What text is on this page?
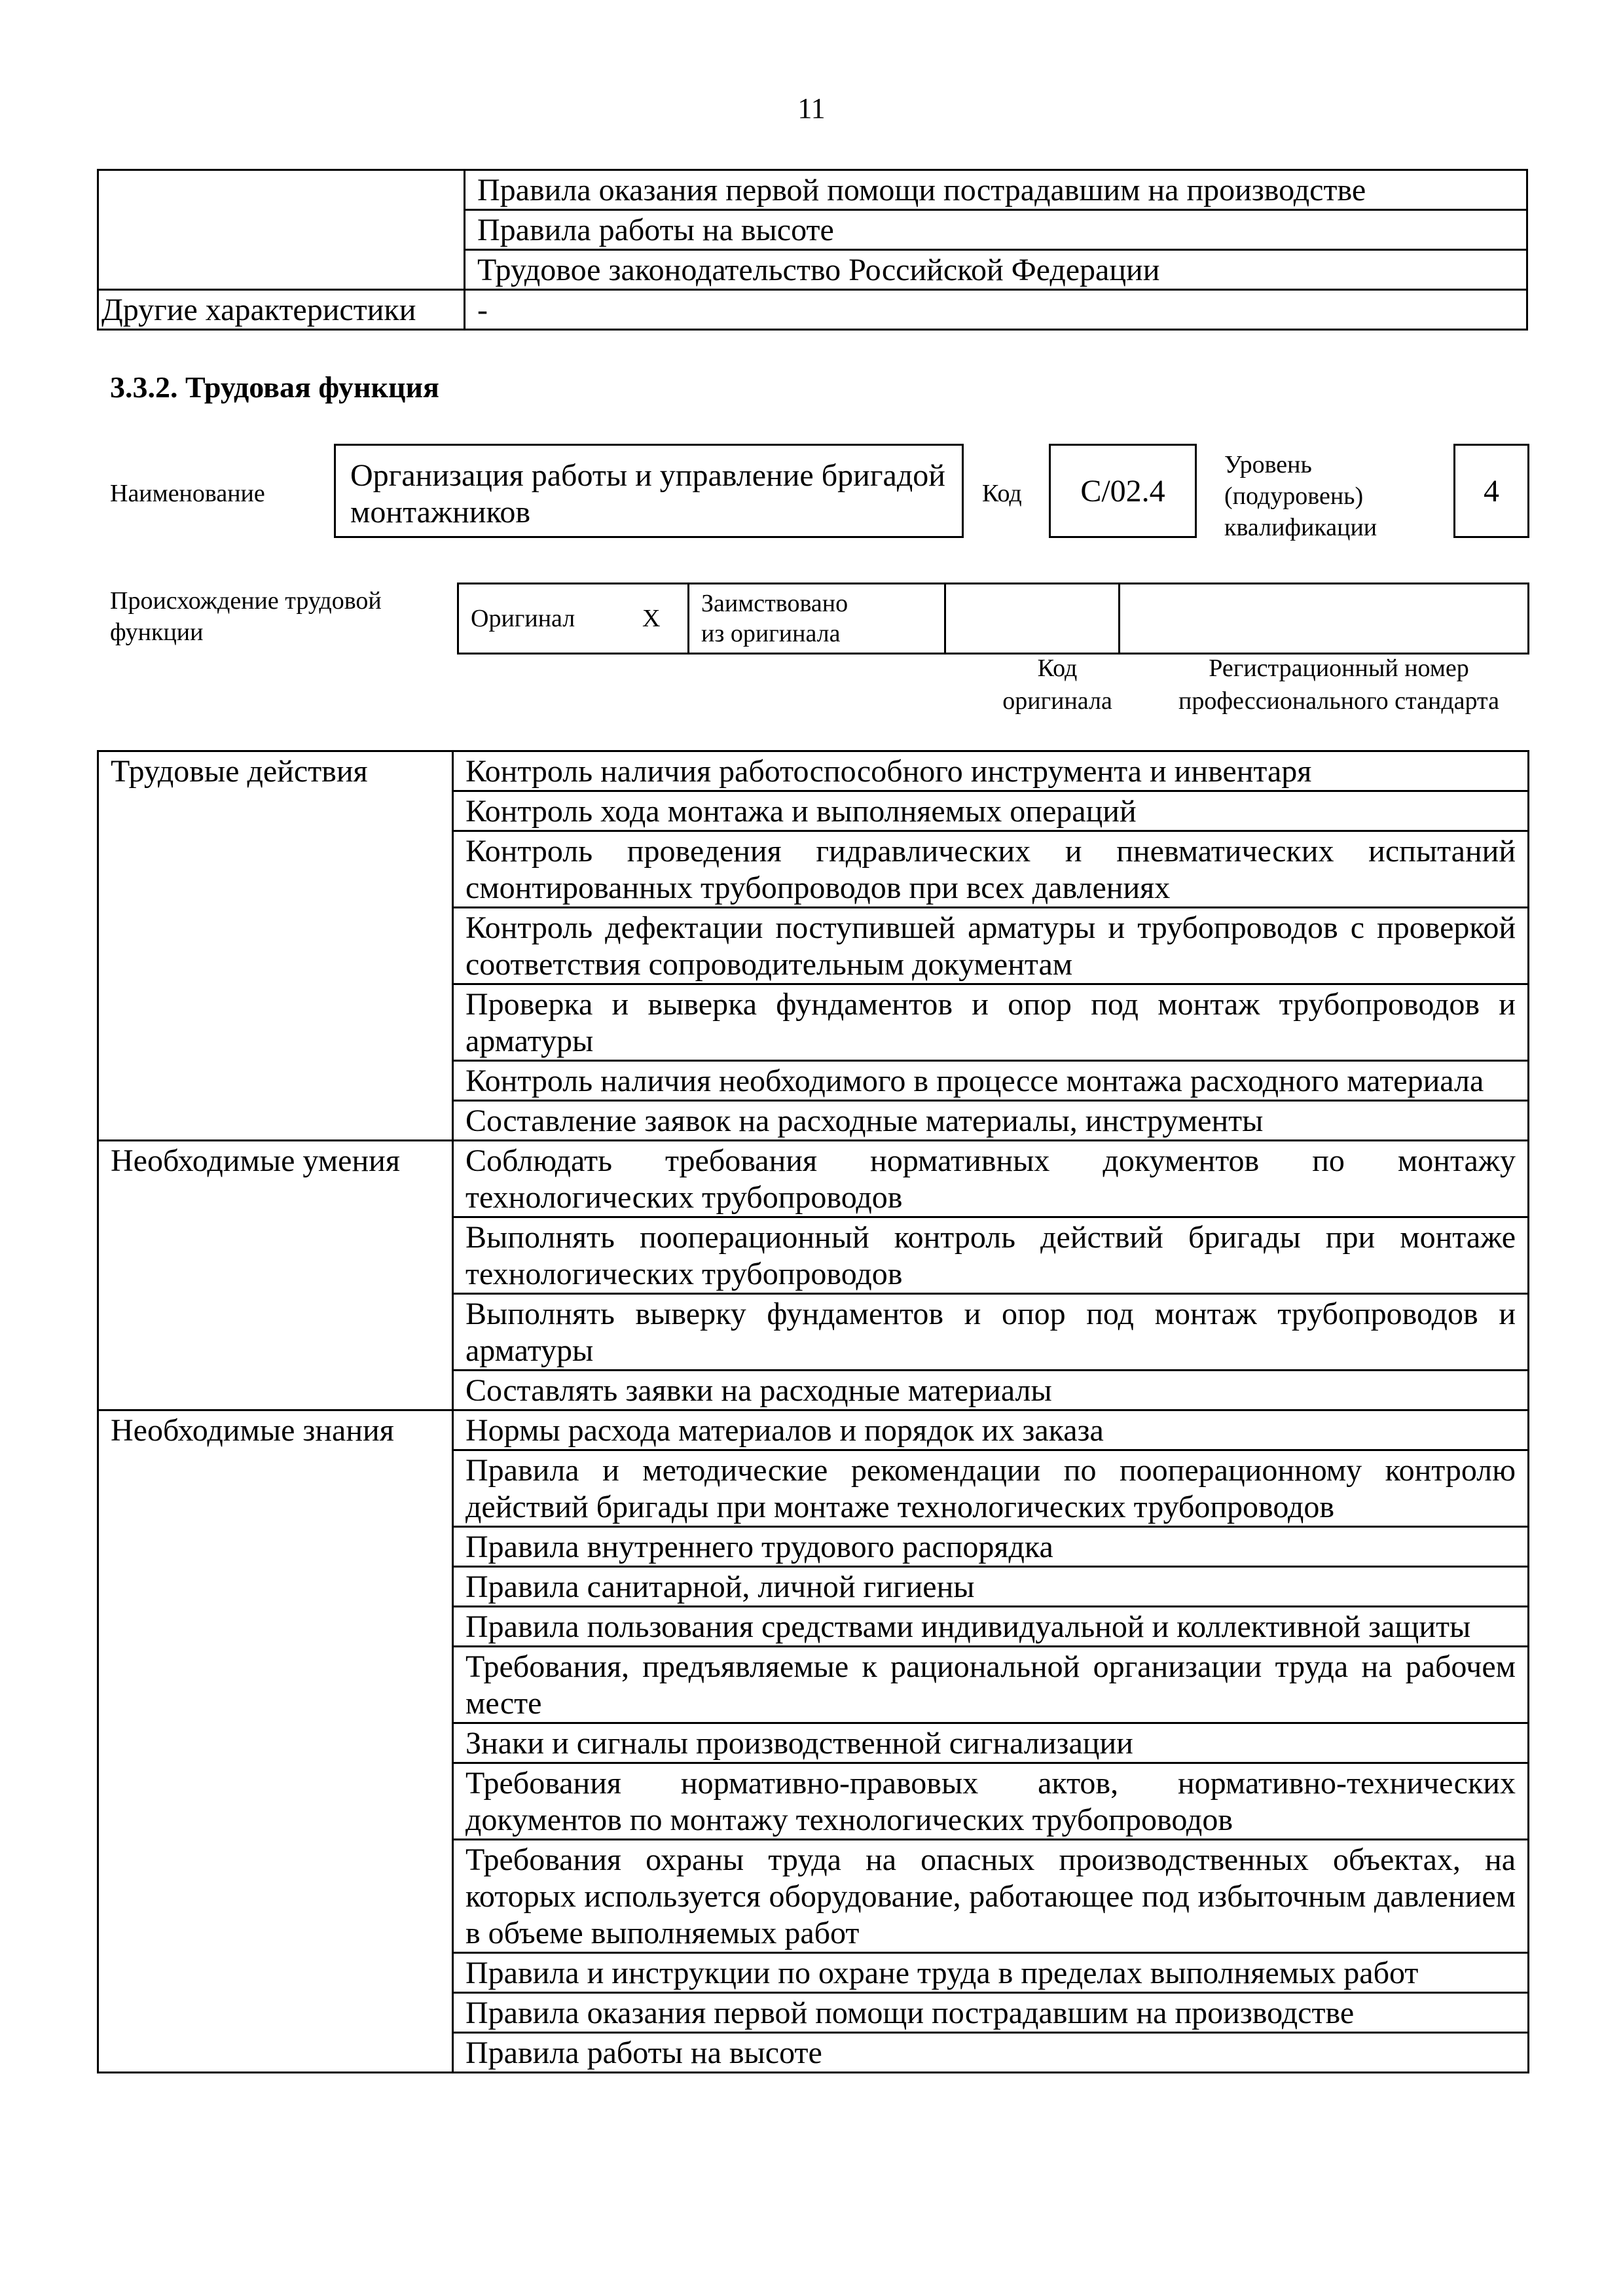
11
	Правила оказания первой помощи пострадавшим на производстве
	Правила работы на высоте
	Трудовое законодательство Российской Федерации
Другие характеристики	-
3.3.2. Трудовая функция
Наименование
Организация работы и управление бригадой монтажников
Код	C/02.4
Уровень
(подуровень)
квалификации
4
Происхождение трудовой
функции	Оригинал	X	
Заимствовано
из оригинала

Код
оригинала
Регистрационный номер
профессионального стандарта
Трудовые действия	Контроль наличия работоспособного инструмента и инвентаря
	Контроль хода монтажа и выполняемых операций
	Контроль проведения гидравлических и пневматических испытаний смонтированных трубопроводов при всех давлениях
	Контроль дефектации поступившей арматуры и трубопроводов с проверкой соответствия сопроводительным документам
	Проверка и выверка фундаментов и опор под монтаж трубопроводов и арматуры
	Контроль наличия необходимого в процессе монтажа расходного материала
	Составление заявок на расходные материалы, инструменты
Необходимые умения	Соблюдать требования нормативных документов по монтажу технологических трубопроводов
	Выполнять пооперационный контроль действий бригады при монтаже технологических трубопроводов
	Выполнять выверку фундаментов и опор под монтаж трубопроводов и арматуры
	Составлять заявки на расходные материалы
Необходимые знания	Нормы расхода материалов и порядок их заказа
	Правила и методические рекомендации по пооперационному контролю действий бригады при монтаже технологических трубопроводов
	Правила внутреннего трудового распорядка
	Правила санитарной, личной гигиены
	Правила пользования средствами индивидуальной и коллективной защиты
	Требования, предъявляемые к рациональной организации труда на рабочем месте
	Знаки и сигналы производственной сигнализации
	Требования нормативно-правовых актов, нормативно-технических документов по монтажу технологических трубопроводов
	Требования охраны труда на опасных производственных объектах, на которых используется оборудование, работающее под избыточным давлением в объеме выполняемых работ
	Правила и инструкции по охране труда в пределах выполняемых работ
	Правила оказания первой помощи пострадавшим на производстве
	Правила работы на высоте
